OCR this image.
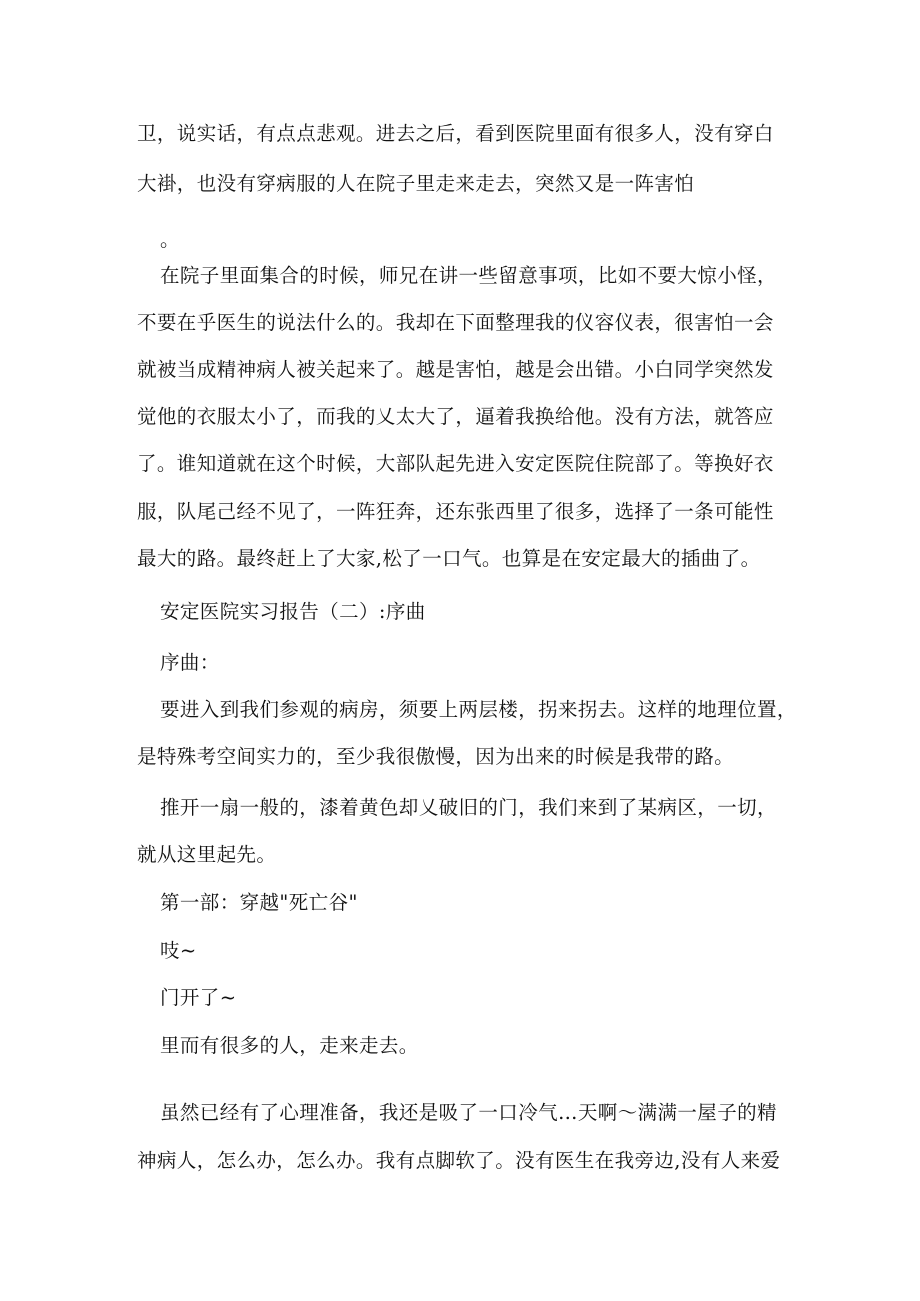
卫，说实话，有点点悲观。进去之后，看到医院里面有很多人，没有穿白
大褂，也没有穿病服的人在院子里走来走去，突然又是一阵害怕
。
在院子里面集合的时候，师兄在讲一些留意事项，比如不要大惊小怪，
不要在乎医生的说法什么的。我却在下面整理我的仪容仪表，很害怕一会
就被当成精神病人被关起来了。越是害怕，越是会出错。小白同学突然发
觉他的衣服太小了，而我的乂太大了，逼着我换给他。没有方法，就答应
了。谁知道就在这个时候，大部队起先进入安定医院住院部了。等换好衣
服，队尾己经不见了，一阵狂奔，还东张西里了很多，选择了一条可能性
最大的路。最终赶上了大家,松了一口气。也算是在安定最大的插曲了。
安定医院实习报告（二）:序曲
序曲：
要进入到我们参观的病房，须要上两层楼，拐来拐去。这样的地理位置，
是特殊考空间实力的，至少我很傲慢，因为出来的时候是我带的路。
推开一扇一般的，漆着黄色却乂破旧的门，我们来到了某病区，一切，
就从这里起先。
第一部：穿越"死亡谷"
吱~
门开了~
里而有很多的人，走来走去。
虽然已经有了心理准备，我还是吸了一口冷气…天啊〜满满一屋子的精
神病人，怎么办，怎么办。我有点脚软了。没有医生在我旁边,没有人来爱
